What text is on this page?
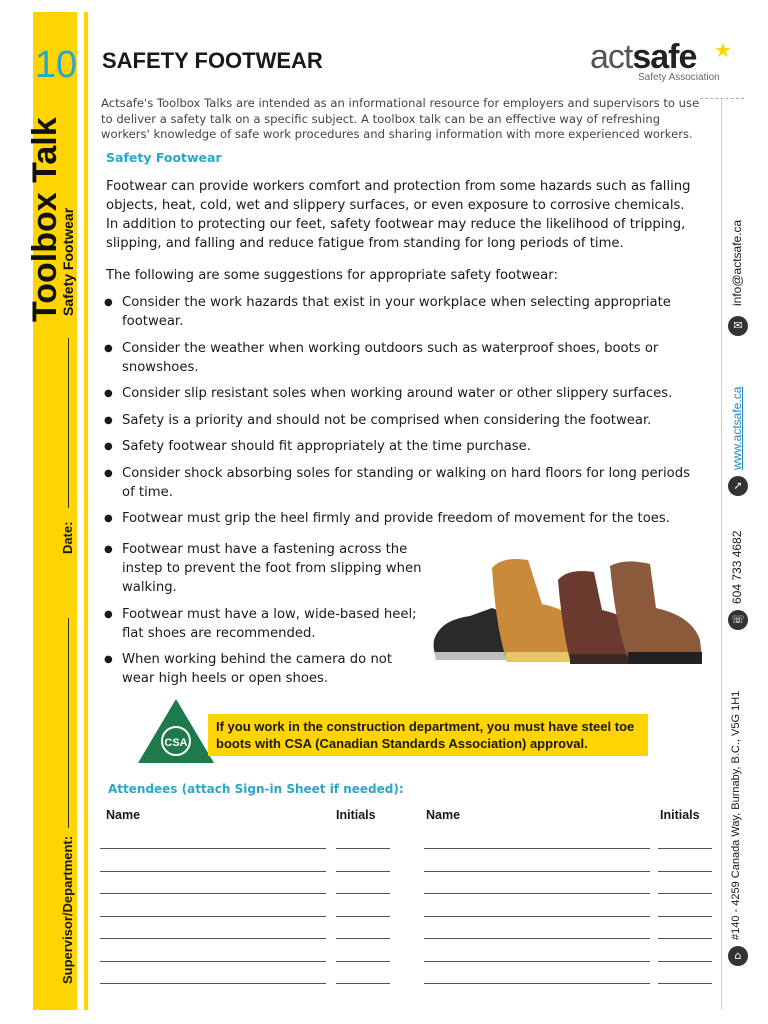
10
Toolbox Talk
Safety Footwear
Date:
Supervisor/Department:
SAFETY FOOTWEAR	actsafe ★
Safety Association
Actsafe's Toolbox Talks are intended as an informational resource for employers and supervisors to use to deliver a safety talk on a specific subject. A toolbox talk can be an effective way of refreshing workers' knowledge of safe work procedures and sharing information with more experienced workers.
Safety Footwear
Footwear can provide workers comfort and protection from some hazards such as falling objects, heat, cold, wet and slippery surfaces, or even exposure to corrosive chemicals. In addition to protecting our feet, safety footwear may reduce the likelihood of tripping, slipping, and falling and reduce fatigue from standing for long periods of time.
The following are some suggestions for appropriate safety footwear:
● Consider the work hazards that exist in your workplace when selecting appropriate footwear.
● Consider the weather when working outdoors such as waterproof shoes, boots or snowshoes.
● Consider slip resistant soles when working around water or other slippery surfaces.
● Safety is a priority and should not be comprised when considering the footwear.
● Safety footwear should fit appropriately at the time purchase.
● Consider shock absorbing soles for standing or walking on hard floors for long periods of time.
● Footwear must grip the heel firmly and provide freedom of movement for the toes.
● Footwear must have a fastening across the instep to prevent the foot from slipping when walking.
● Footwear must have a low, wide-based heel; flat shoes are recommended.
● When working behind the camera do not wear high heels or open shoes.
CSA
If you work in the construction department, you must have steel toe boots with CSA (Canadian Standards Association) approval.
Attendees (attach Sign-in Sheet if needed):
Name	Initials	Name	Initials
info@actsafe.ca
✉
www.actsafe.ca
➚
604 733 4682
☏
#140 - 4259 Canada Way, Burnaby, B.C., V5G 1H1
⌂
